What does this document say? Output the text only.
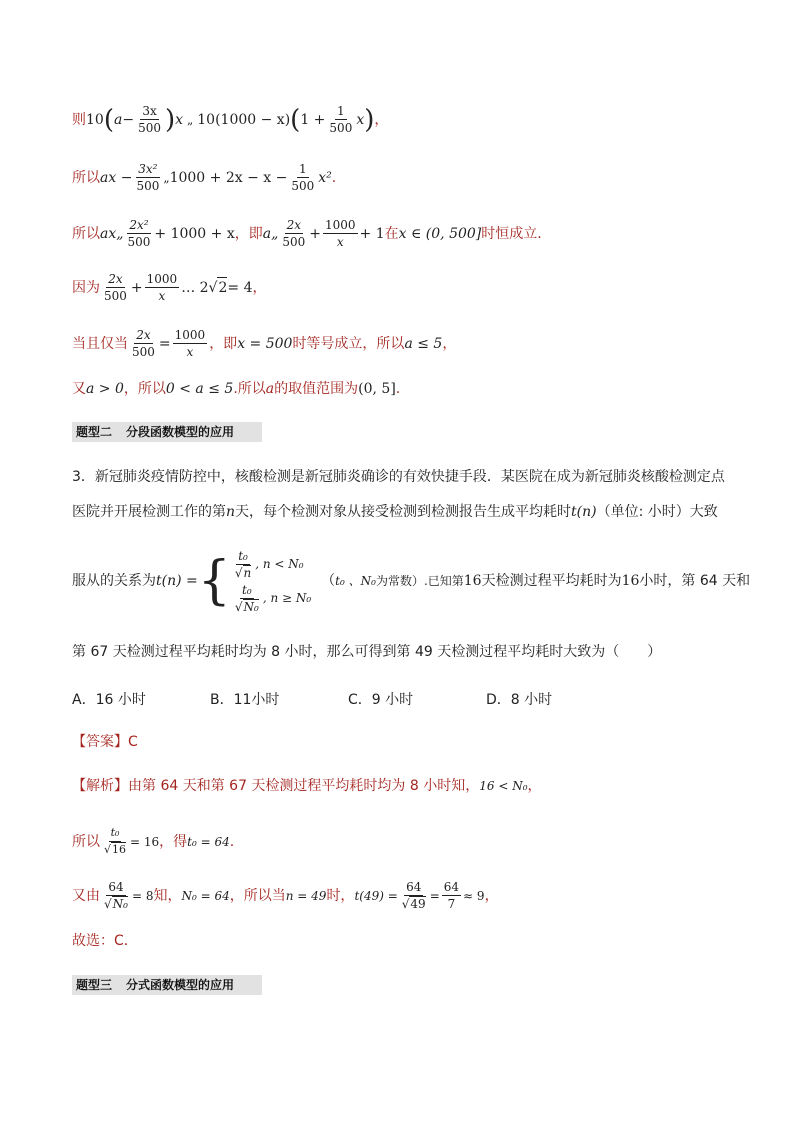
则 10 ( $a - \frac{3x}{500}$ ) x „ 10(1000 − x) ( $1 + \frac{1}{500}$ x ) ，
所以 ax − $\frac{\text{3x²}}{500}$ „ $1000 + 2x - x - \frac{1}{500} x^2$ .
所以 ax„ $\frac{\text{2x²}}{500} + 1000 + x$ ，即 a„ $\frac{2x}{500} + \frac{1000}{x} + 1$ 在 x ∈ (0, 500] 时恒成立.
因为 $\frac{2x}{500} + \frac{1000}{x}$ … 2 √ 2 = 4 ，
当且仅当 $\frac{2x}{500} = \frac{1000}{x}$ ，即 x = 500 时等号成立，所以 a ≤ 5 ，
又 a > 0 ，所以 0 < a ≤ 5 .所以 a 的取值范围为 (0, 5] .
题型二 分段函数模型的应用
3．新冠肺炎疫情防控中，核酸检测是新冠肺炎确诊的有效快捷手段．某医院在成为新冠肺炎核酸检测定点
医院并开展检测工作的第 n 天，每个检测对象从接受检测到检测报告生成平均耗时 t(n) （单位: 小时）大致
服从的关系为 t(n) = { $\frac{\text{t₀}}{√n}$ , n < N₀
$\frac{\text{t₀}}{\text{√N₀}}$ , n ≥ N₀
（ t₀ 、N₀ 为常数）.已知第 16 天检测过程平均耗时为 16 小时，第 64 天和
第 67 天检测过程平均耗时均为 8 小时，那么可得到第 49 天检测过程平均耗时大致为（　　）
A．16 小时	B．11小时	C．9 小时	D．8 小时
【答案】 C
【解析】 由第 64 天和第 67 天检测过程平均耗时均为 8 小时知， 16 < N₀ ，
所以 $\frac{\text{t₀}}{√16} = 16$ ，得 t₀ = 64 .
又由 $\frac{64}{\text{√N₀}} = 8$ 知， N₀ = 64 ，所以当 n = 49 时， $t(49) = \frac{64}{√49} = \frac{64}{7} \approx 9$ ，
故选：C．
题型三 分式函数模型的应用
